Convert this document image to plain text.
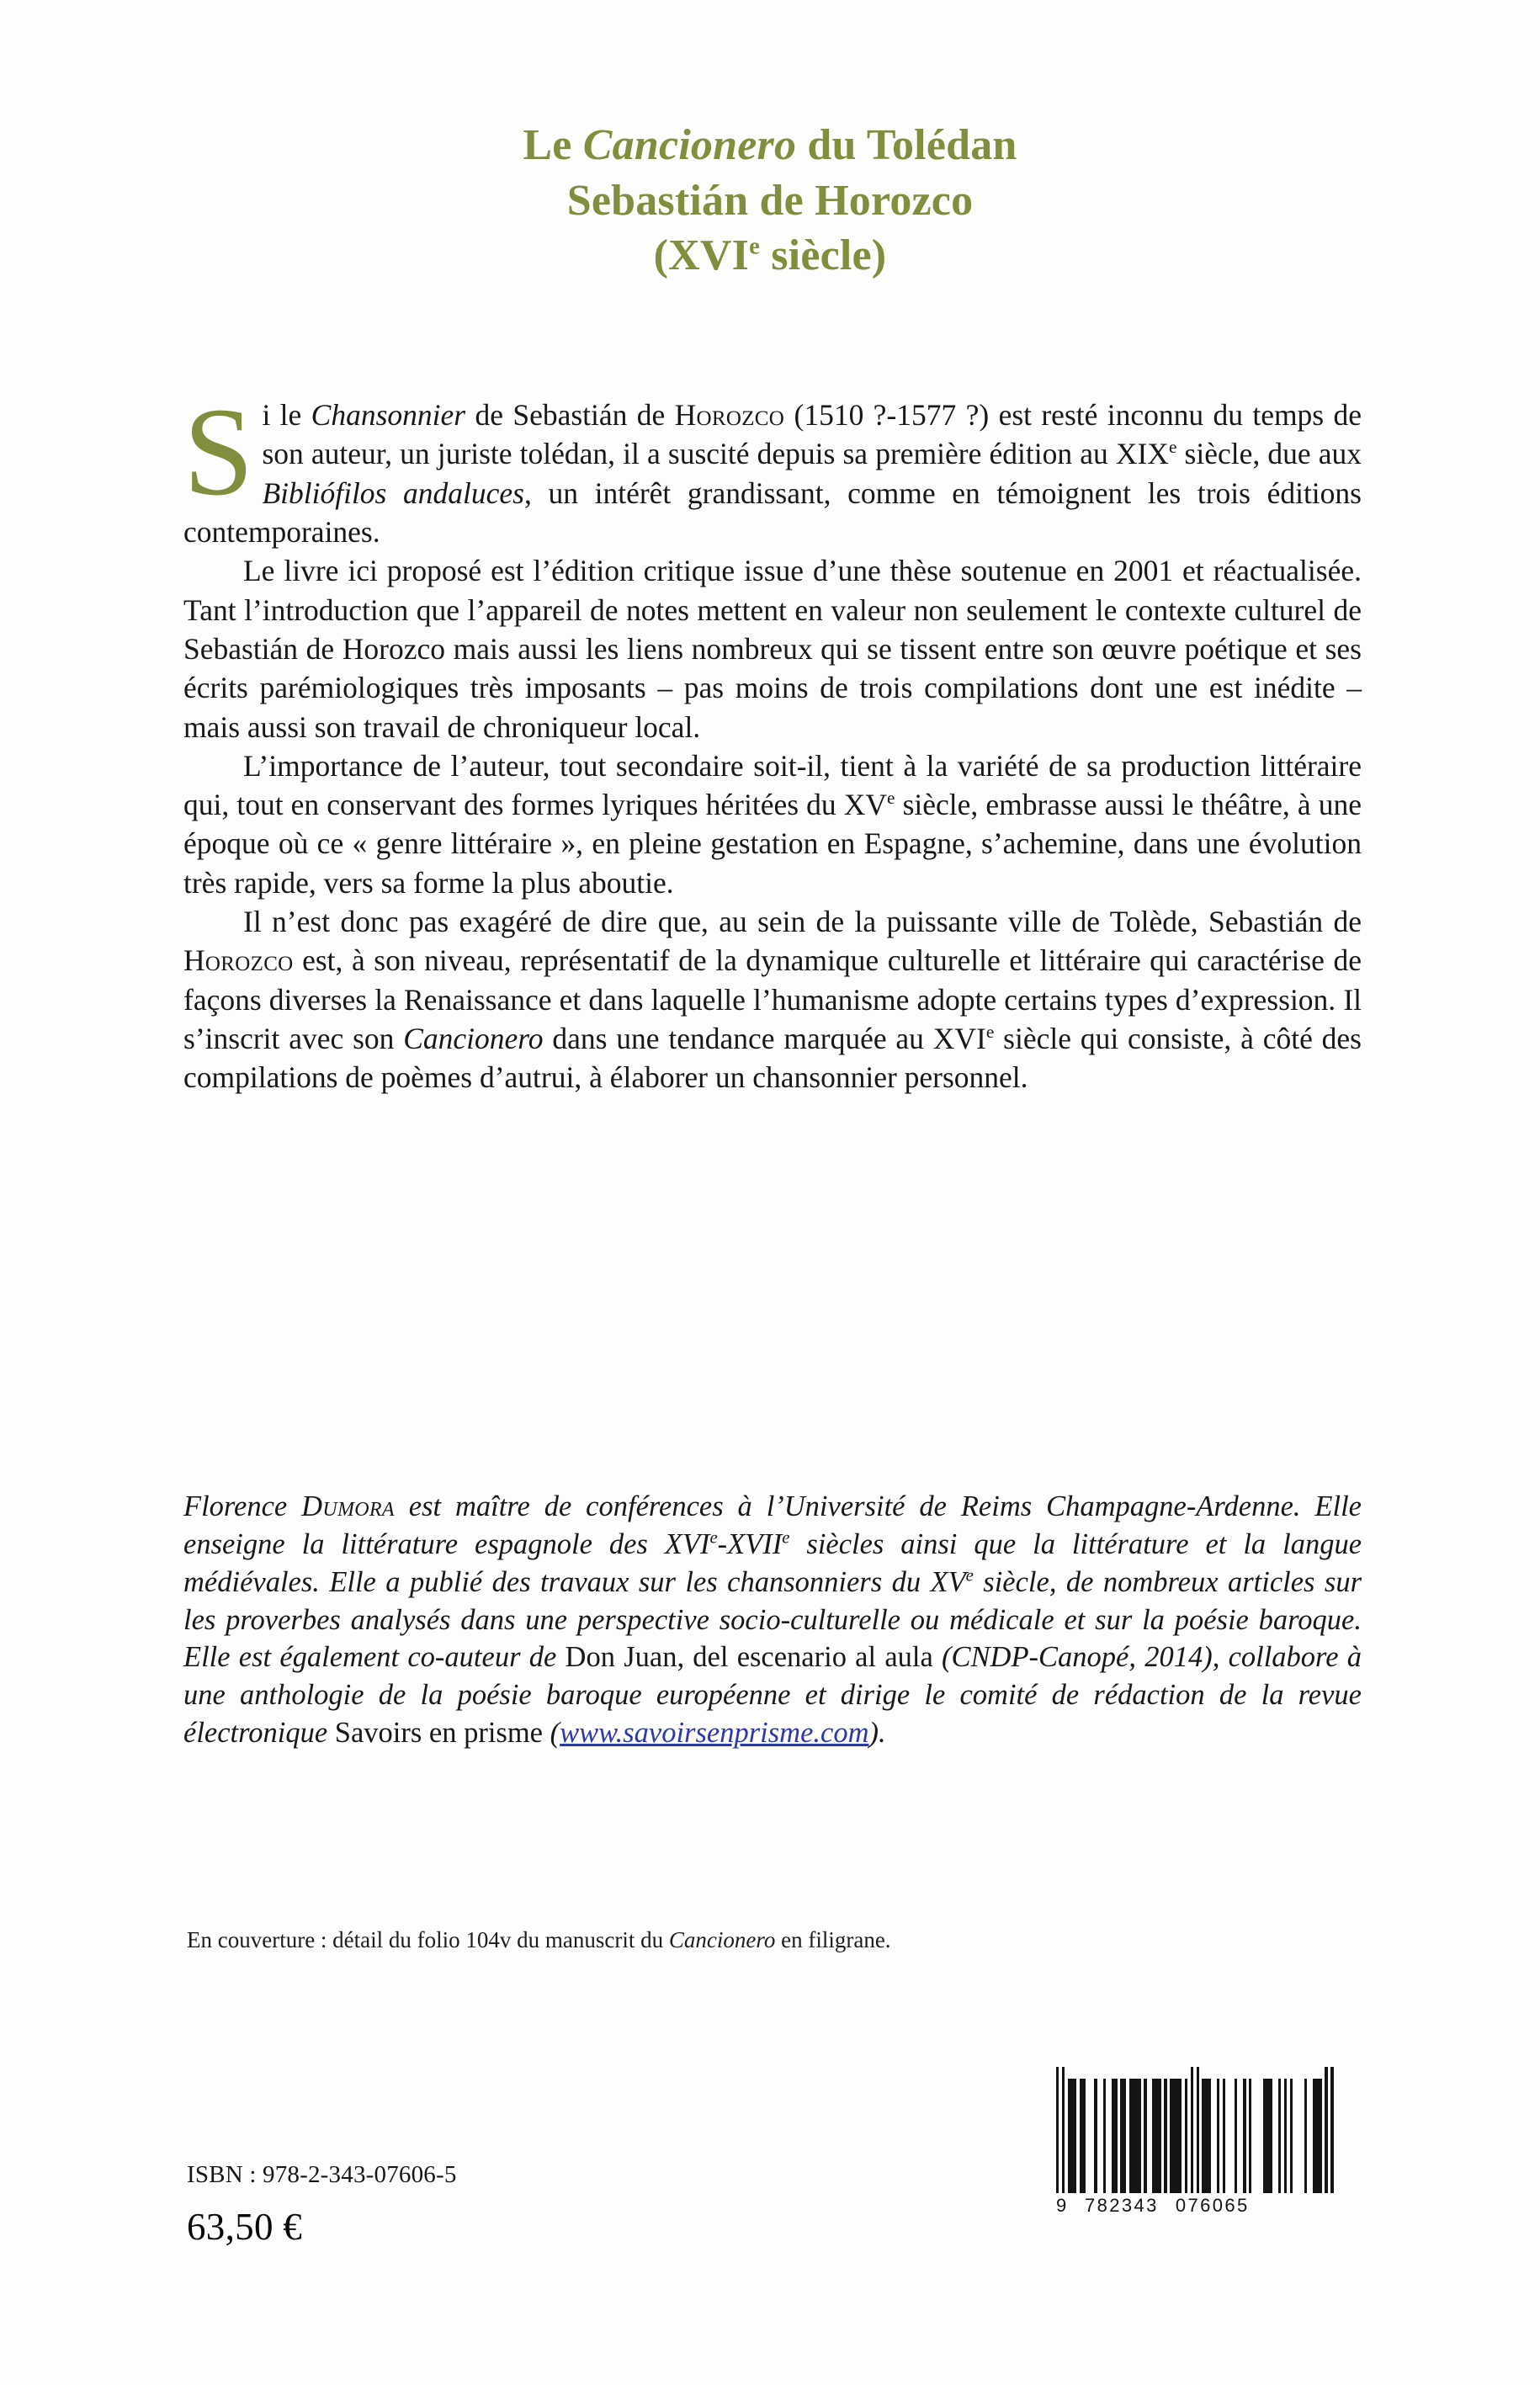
Le Cancionero du Tolédan
Sebastián de Horozco
(XVIe siècle)

Si le Chansonnier de Sebastián de Horozco (1510 ?-1577 ?) est resté inconnu du temps de son auteur, un juriste tolédan, il a suscité depuis sa première édition au XIXe siècle, due aux Bibliófilos andaluces, un intérêt grandissant, comme en témoignent les trois éditions contemporaines.

Le livre ici proposé est l’édition critique issue d’une thèse soutenue en 2001 et réactualisée. Tant l’introduction que l’appareil de notes mettent en valeur non seulement le contexte culturel de Sebastián de Horozco mais aussi les liens nombreux qui se tissent entre son œuvre poétique et ses écrits parémiologiques très imposants – pas moins de trois compilations dont une est inédite – mais aussi son travail de chroniqueur local.

L’importance de l’auteur, tout secondaire soit-il, tient à la variété de sa production littéraire qui, tout en conservant des formes lyriques héritées du XVe siècle, embrasse aussi le théâtre, à une époque où ce « genre littéraire », en pleine gestation en Espagne, s’achemine, dans une évolution très rapide, vers sa forme la plus aboutie.

Il n’est donc pas exagéré de dire que, au sein de la puissante ville de Tolède, Sebastián de Horozco est, à son niveau, représentatif de la dynamique culturelle et littéraire qui caractérise de façons diverses la Renaissance et dans laquelle l’humanisme adopte certains types d’expression. Il s’inscrit avec son Cancionero dans une tendance marquée au XVIe siècle qui consiste, à côté des compilations de poèmes d’autrui, à élaborer un chansonnier personnel.

Florence Dumora est maître de conférences à l’Université de Reims Champagne-Ardenne. Elle enseigne la littérature espagnole des XVIe-XVIIe siècles ainsi que la littérature et la langue médiévales. Elle a publié des travaux sur les chansonniers du XVe siècle, de nombreux articles sur les proverbes analysés dans une perspective socio-culturelle ou médicale et sur la poésie baroque. Elle est également co-auteur de Don Juan, del escenario al aula (CNDP-Canopé, 2014), collabore à une anthologie de la poésie baroque européenne et dirige le comité de rédaction de la revue électronique Savoirs en prisme (www.savoirsenprisme.com).

En couverture : détail du folio 104v du manuscrit du Cancionero en filigrane.

ISBN : 978-2-343-07606-5
63,50 €
9 782343 076065
